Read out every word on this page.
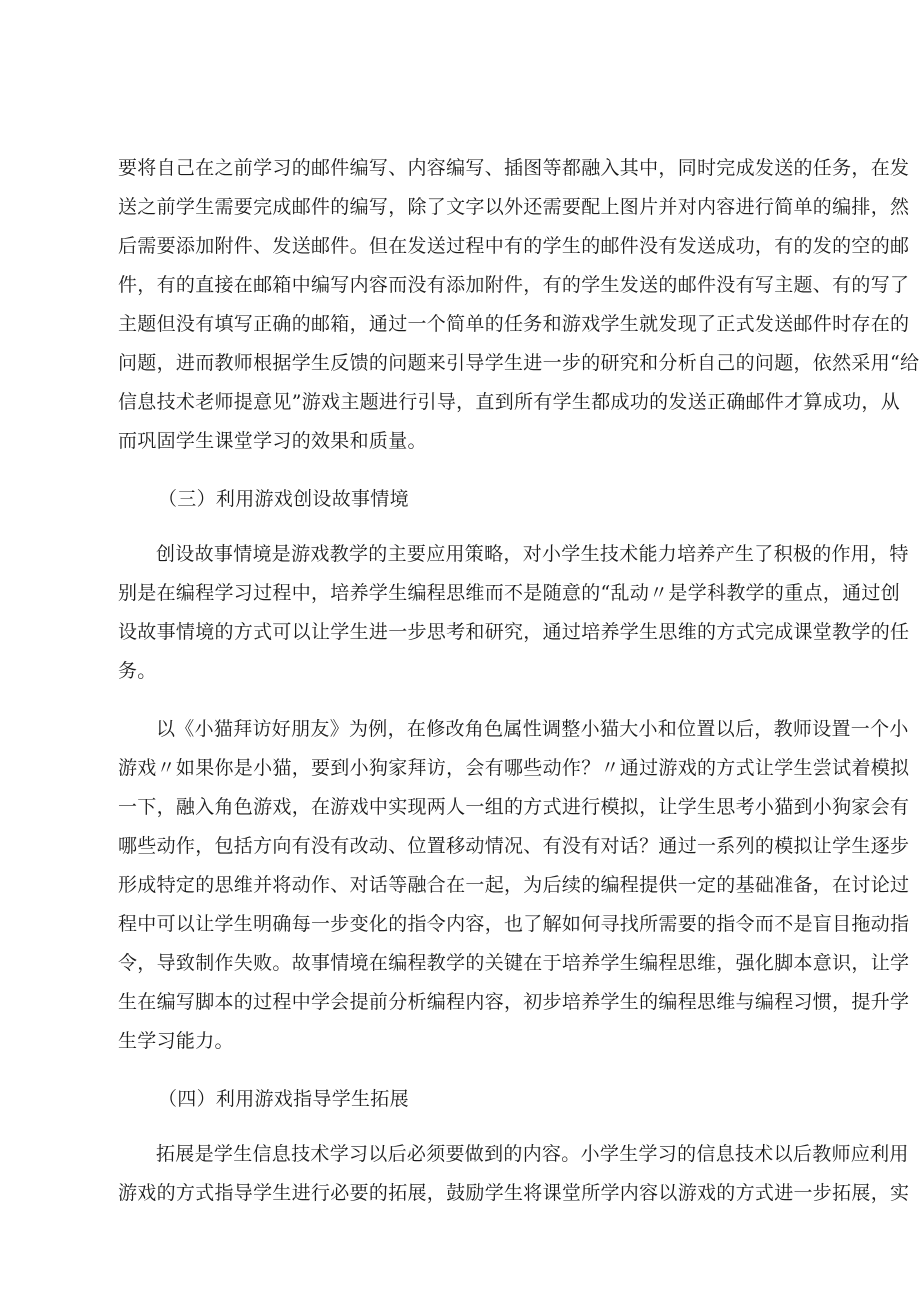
要将自己在之前学习的邮件编写、内容编写、插图等都融入其中，同时完成发送的任务，在发
送之前学生需要完成邮件的编写，除了文字以外还需要配上图片并对内容进行简单的编排，然
后需要添加附件、发送邮件。但在发送过程中有的学生的邮件没有发送成功，有的发的空的邮
件，有的直接在邮箱中编写内容而没有添加附件，有的学生发送的邮件没有写主题、有的写了
主题但没有填写正确的邮箱，通过一个简单的任务和游戏学生就发现了正式发送邮件时存在的
问题，进而教师根据学生反馈的问题来引导学生进一步的研究和分析自己的问题，依然采用“给
信息技术老师提意见”游戏主题进行引导，直到所有学生都成功的发送正确邮件才算成功，从
而巩固学生课堂学习的效果和质量。
（三）利用游戏创设故事情境
创设故事情境是游戏教学的主要应用策略，对小学生技术能力培养产生了积极的作用，特
别是在编程学习过程中，培养学生编程思维而不是随意的“乱动〃是学科教学的重点，通过创
设故事情境的方式可以让学生进一步思考和研究，通过培养学生思维的方式完成课堂教学的任
务。
以《小猫拜访好朋友》为例，在修改角色属性调整小猫大小和位置以后，教师设置一个小
游戏〃如果你是小猫，要到小狗家拜访，会有哪些动作？〃通过游戏的方式让学生尝试着模拟
一下，融入角色游戏，在游戏中实现两人一组的方式进行模拟，让学生思考小猫到小狗家会有
哪些动作，包括方向有没有改动、位置移动情况、有没有对话？通过一系列的模拟让学生逐步
形成特定的思维并将动作、对话等融合在一起，为后续的编程提供一定的基础准备，在讨论过
程中可以让学生明确每一步变化的指令内容，也了解如何寻找所需要的指令而不是盲目拖动指
令，导致制作失败。故事情境在编程教学的关键在于培养学生编程思维，强化脚本意识，让学
生在编写脚本的过程中学会提前分析编程内容，初步培养学生的编程思维与编程习惯，提升学
生学习能力。
（四）利用游戏指导学生拓展
拓展是学生信息技术学习以后必须要做到的内容。小学生学习的信息技术以后教师应利用
游戏的方式指导学生进行必要的拓展，鼓励学生将课堂所学内容以游戏的方式进一步拓展，实
